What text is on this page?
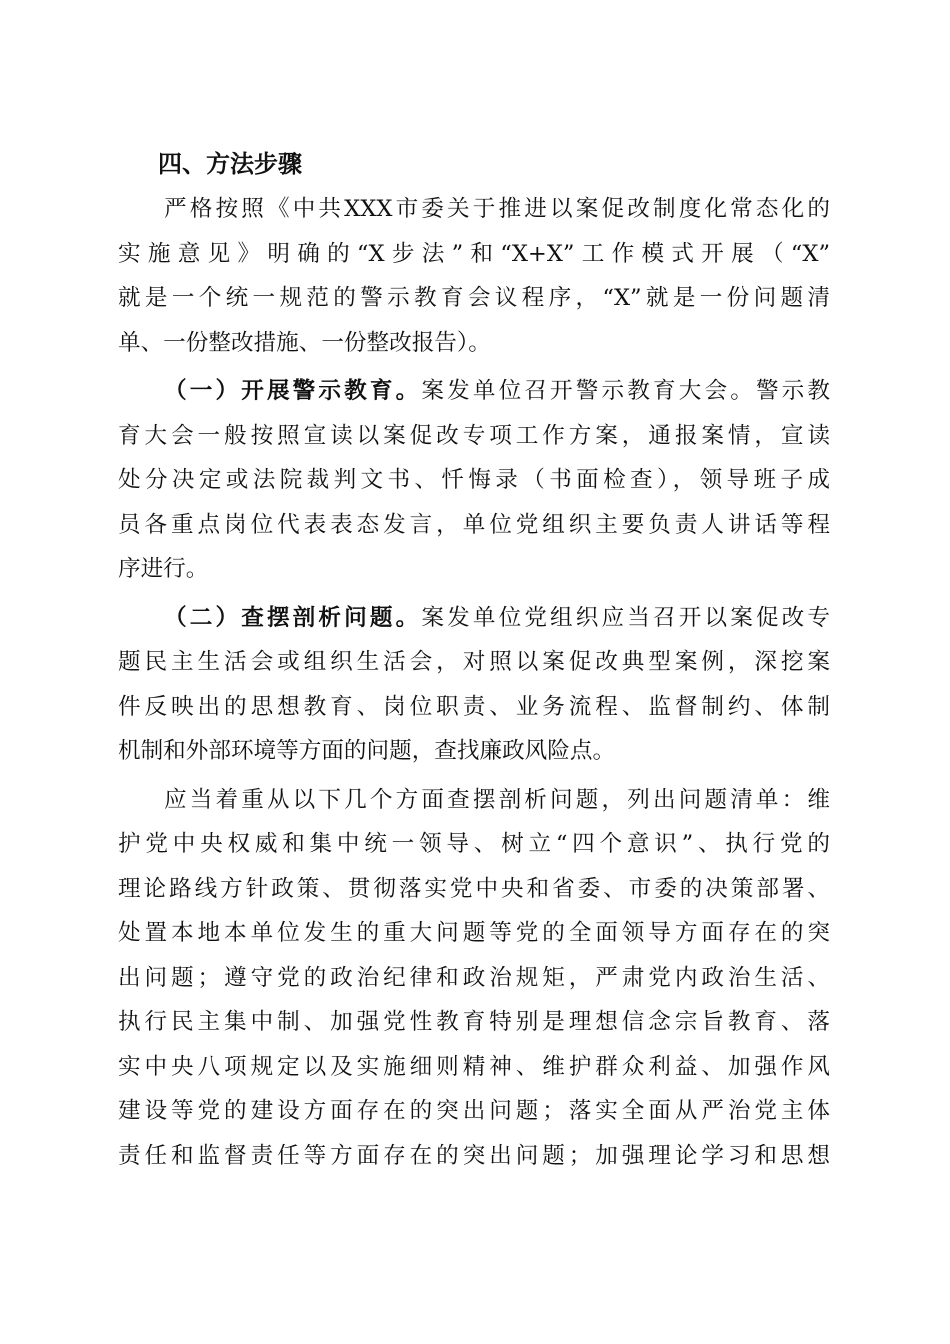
四、方法步骤

严格按照《中共XXX市委关于推进以案促改制度化常态化的
实施意见》明确的“X步法”和“X+X”工作模式开展（“X”
就是一个统一规范的警示教育会议程序，“X”就是一份问题清
单、一份整改措施、一份整改报告）。

（一）开展警示教育。案发单位召开警示教育大会。警示教
育大会一般按照宣读以案促改专项工作方案，通报案情，宣读
处分决定或法院裁判文书、忏悔录（书面检查），领导班子成
员各重点岗位代表表态发言，单位党组织主要负责人讲话等程
序进行。

（二）查摆剖析问题。案发单位党组织应当召开以案促改专
题民主生活会或组织生活会，对照以案促改典型案例，深挖案
件反映出的思想教育、岗位职责、业务流程、监督制约、体制
机制和外部环境等方面的问题，查找廉政风险点。

应当着重从以下几个方面查摆剖析问题，列出问题清单：维
护党中央权威和集中统一领导、树立“四个意识”、执行党的
理论路线方针政策、贯彻落实党中央和省委、市委的决策部署、
处置本地本单位发生的重大问题等党的全面领导方面存在的突
出问题；遵守党的政治纪律和政治规矩，严肃党内政治生活、
执行民主集中制、加强党性教育特别是理想信念宗旨教育、落
实中央八项规定以及实施细则精神、维护群众利益、加强作风
建设等党的建设方面存在的突出问题；落实全面从严治党主体
责任和监督责任等方面存在的突出问题；加强理论学习和思想
